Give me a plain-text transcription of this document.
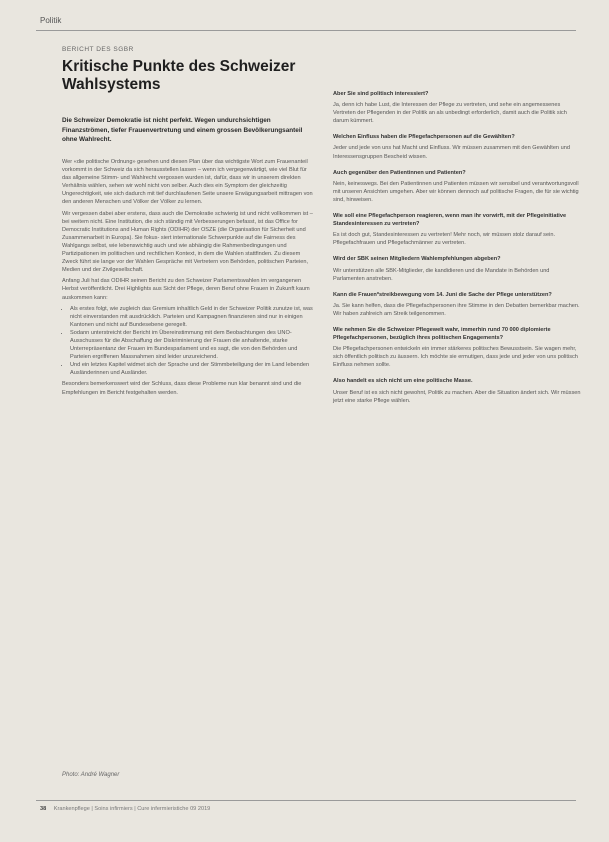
Politik
BERICHT DES SGBR
Kritische Punkte des Schweizer Wahlsystems
Die Schweizer Demokratie ist nicht perfekt. Wegen undurchsichtigen Finanzströmen, tiefer Frauenvertretung und einem grossen Bevölkerungsanteil ohne Wahlrecht.

Wer «die politische Ordnung» gesehen und diesen Plan über das wichtigste Wort zum Frauenanteil vorkommt in der Schweiz da sich herausstellen lassen – wenn ich vergegenwärtigt, wie viel Blut für das allgemeine Stimm- und Wahlrecht vergossen wurden ist, dafür, dass wir in unserem direkten Verhältnis wählen, sehen wir wohl nicht von selber. Auch dies ein Symptom der gleichzeitig Ungerechtigkeit, wie sich dadurch mit tief durchlaufenen Seite unsere Erwägungsarbeit mittragen von den anderen Menschen und Völker der Völker zu lernen.

Wir vergessen dabei aber erstens, dass auch die Demokratie schwierig ist und nicht vollkommen ist – bei weitem nicht. Eine Institution, die sich ständig mit Verbesserungen befasst, ist das Office for Democratic Institutions and Human Rights (ODIHR) der OSZE (die Organisation für Sicherheit und Zusammenarbeit in Europa). Sie fokus- siert internationale Schwerpunkte auf die Fairness des Wahlgangs selbst, wie lebenswichtig auch und wie abhängig die Rahmenbedingungen und Partizipationen im politischen und rechtlichen Kontext, in dem die Wahlen stattfinden. Zu diesem Zweck führt sie lange vor der Wahlen Gespräche mit Vertretern von Behörden, politischen Parteien, Medien und der Zivilgesellschaft.

Anfang Juli hat das ODIHR seinen Bericht zu den Schweizer Parlamentswahlen im vergangenen Herbst veröffentlicht. Drei Highlights aus Sicht der Pflege, deren Beruf ohne Frauen in Zukunft kaum auskommen kann:

• Als erstes folgt, wie zugleich das Gremium inhaltlich Geld in der Schweizer Politik zunutze ist, was nicht einverstanden mit ausdrücklich. Parteien und Kampagnen finanzieren sind nur in einigen Kantonen und nicht auf Bundesebene geregelt.
• Sodann unterstreicht der Bericht im Übereinstimmung mit dem Beobachtungen des UNO-Ausschusses für die Abschaffung der Diskriminierung der Frauen die anhaltende, starke Unterrepräsentanz der Frauen im Bundesparlament und es sagt, die von den Behörden und Parteien ergriffenen Massnahmen sind leider unzureichend.
• Und ein letztes Kapitel widmet sich der Sprache und der Stimmbeteiligung der im Land lebenden Ausländerinnen und Ausländer.

Besonders bemerkenswert wird der Schluss, dass diese Probleme nun klar benannt sind und die Empfehlungen im Bericht festgehalten werden.

Photo: André Wagner

Aber Sie sind politisch interessiert?

Ja, denn ich habe Lust, die Interessen der Pflege zu vertreten, und sehe ein angemessenes Vertreten der Pflegenden in der Politik an als unbedingt erforderlich, damit auch die Politik sich darum kümmert.

Welchen Einfluss haben die Pflegefachpersonen auf die Gewählten?

Jeder und jede von uns hat Macht und Einfluss. Wir müssen zusammen mit den Gewählten und Interessensgruppen Bescheid wissen.

Auch gegenüber den Patientinnen und Patienten?

Nein, keineswegs. Bei den Patientinnen und Patienten müssen wir sensibel und verantwortungsvoll mit unseren Ansichten umgehen. Aber wir können dennoch auf politische Fragen, die für sie wichtig sind, hinweisen.

Wie soll eine Pflegefachperson reagieren, wenn man ihr vorwirft, mit der Pflegeinitiative Standesinteressen zu vertreten?

Es ist doch gut, Standesinteressen zu vertreten! Mehr noch, wir müssen stolz darauf sein. Pflegefachfrauen und Pflegefachmänner zu vertreten.

Wird der SBK seinen Mitgliedern Wahlempfehlungen abgeben?

Wir unterstützen alle SBK-Mitglieder, die kandidieren und die Mandate in Behörden und Parlamenten anstreben.

Kann die Frauen*streikbewegung vom 14. Juni die Sache der Pflege unterstützen?

Ja. Sie kann helfen, dass die Pflegefachpersonen ihre Stimme in den Debatten bemerkbar machen. Wir haben zahlreich am Streik teilgenommen.

Wie nehmen Sie die Schweizer Pflegewelt wahr, immerhin rund 70 000 diplomierte Pflegefachpersonen, bezüglich ihres politischen Engagements?

Die Pflegefachpersonen entwickeln ein immer stärkeres politisches Bewusstsein. Sie wagen mehr, sich öffentlich politisch zu äussern. Ich möchte sie ermutigen, dass jede und jeder von uns politisch Einfluss nehmen sollte.

Also handelt es sich nicht um eine politische Masse.

Unser Beruf ist es sich nicht gewohnt, Politik zu machen. Aber die Situation ändert sich. Wir müssen jetzt eine starke Pflege wählen.

38 Krankenpflege | Soins infirmiers | Cure infermieristiche 09 2019
